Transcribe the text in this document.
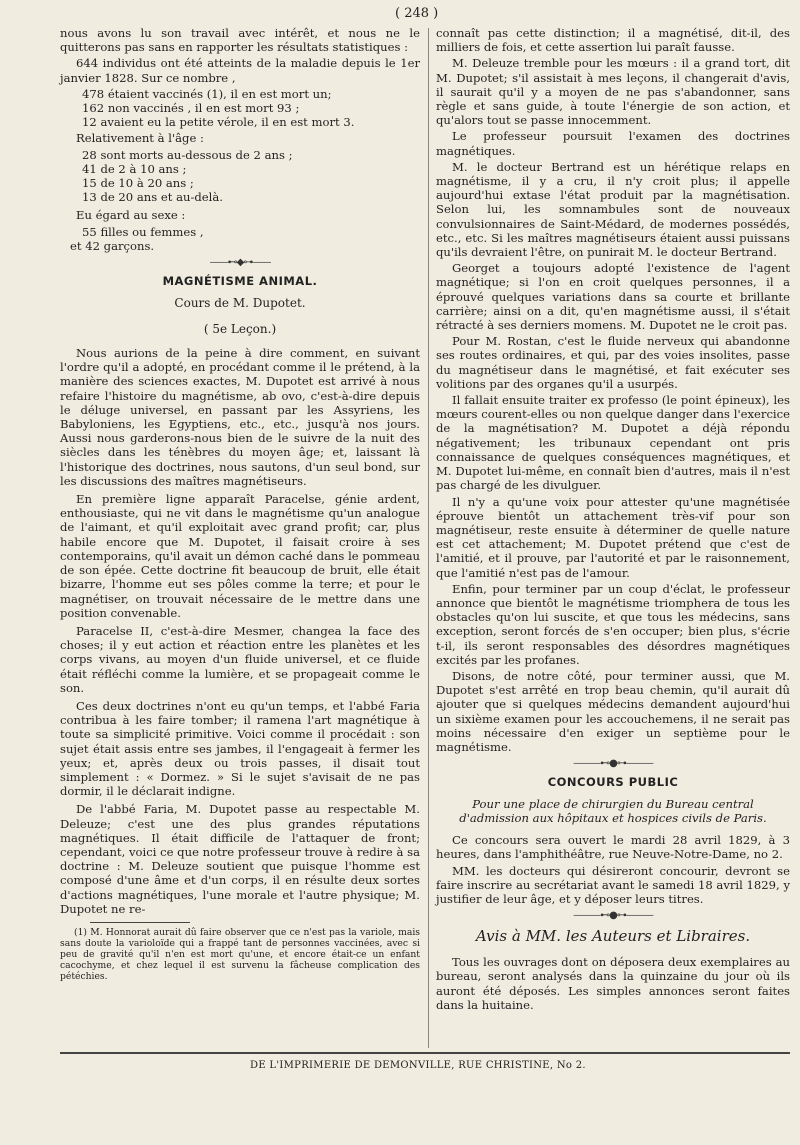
( 248 )

nous avons lu son travail avec intérêt, et nous ne le quitterons pas sans en rapporter les résultats statistiques :

644 individus ont été atteints de la maladie depuis le 1er janvier 1828. Sur ce nombre ,

478 étaient vaccinés (1), il en est mort un;

162 non vaccinés , il en est mort 93 ;

12 avaient eu la petite vérole, il en est mort 3.

Relativement à l'âge :

28 sont morts au-dessous de 2 ans ;

41 de 2 à 10 ans ;

15 de 10 à 20 ans ;

13 de 20 ans et au-delà.

Eu égard au sexe :

55 filles ou femmes ,

et 42 garçons.

——⊷◆⊶——
MAGNÉTISME ANIMAL.
Cours de M. Dupotet.
( 5e Leçon.)

Nous aurions de la peine à dire comment, en suivant l'ordre qu'il a adopté, en procédant comme il le prétend, à la manière des sciences exactes, M. Dupotet est arrivé à nous refaire l'histoire du magnétisme, ab ovo, c'est-à-dire depuis le déluge universel, en passant par les Assyriens, les Babyloniens, les Egyptiens, etc., etc., jusqu'à nos jours. Aussi nous garderons-nous bien de le suivre de la nuit des siècles dans les ténèbres du moyen âge; et, laissant là l'historique des doctrines, nous sautons, d'un seul bond, sur les discussions des maîtres magnétiseurs.

En première ligne apparaît Paracelse, génie ardent, enthousiaste, qui ne vit dans le magnétisme qu'un analogue de l'aimant, et qu'il exploitait avec grand profit; car, plus habile encore que M. Dupotet, il faisait croire à ses contemporains, qu'il avait un démon caché dans le pommeau de son épée. Cette doctrine fit beaucoup de bruit, elle était bizarre, l'homme eut ses pôles comme la terre; et pour le magnétiser, on trouvait nécessaire de le mettre dans une position convenable.

Paracelse II, c'est-à-dire Mesmer, changea la face des choses; il y eut action et réaction entre les planètes et les corps vivans, au moyen d'un fluide universel, et ce fluide était réfléchi comme la lumière, et se propageait comme le son.

Ces deux doctrines n'ont eu qu'un temps, et l'abbé Faria contribua à les faire tomber; il ramena l'art magnétique à toute sa simplicité primitive. Voici comme il procédait : son sujet était assis entre ses jambes, il l'engageait à fermer les yeux; et, après deux ou trois passes, il disait tout simplement : « Dormez. » Si le sujet s'avisait de ne pas dormir, il le déclarait indigne.

De l'abbé Faria, M. Dupotet passe au respectable M. Deleuze; c'est une des plus grandes réputations magnétiques. Il était difficile de l'attaquer de front; cependant, voici ce que notre professeur trouve à redire à sa doctrine : M. Deleuze soutient que puisque l'homme est composé d'une âme et d'un corps, il en résulte deux sortes d'actions magnétiques, l'une morale et l'autre physique; M. Dupotet ne re-

(1) M. Honnorat aurait dû faire observer que ce n'est pas la variole, mais sans doute la varioloïde qui a frappé tant de personnes vaccinées, avec si peu de gravité qu'il n'en est mort qu'une, et encore était-ce un enfant cacochyme, et chez lequel il est survenu la fâcheuse complication des pétéchies.

connaît pas cette distinction; il a magnétisé, dit-il, des milliers de fois, et cette assertion lui paraît fausse.

M. Deleuze tremble pour les mœurs : il a grand tort, dit M. Dupotet; s'il assistait à mes leçons, il changerait d'avis, il saurait qu'il y a moyen de ne pas s'abandonner, sans règle et sans guide, à toute l'énergie de son action, et qu'alors tout se passe innocemment.

Le professeur poursuit l'examen des doctrines magnétiques.

M. le docteur Bertrand est un hérétique relaps en magnétisme, il y a cru, il n'y croit plus; il appelle aujourd'hui extase l'état produit par la magnétisation. Selon lui, les somnambules sont de nouveaux convulsionnaires de Saint-Médard, de modernes possédés, etc., etc. Si les maîtres magnétiseurs étaient aussi puissans qu'ils devraient l'être, on punirait M. le docteur Bertrand.

Georget a toujours adopté l'existence de l'agent magnétique; si l'on en croit quelques personnes, il a éprouvé quelques variations dans sa courte et brillante carrière; ainsi on a dit, qu'en magnétisme aussi, il s'était rétracté à ses derniers momens. M. Dupotet ne le croit pas.

Pour M. Rostan, c'est le fluide nerveux qui abandonne ses routes ordinaires, et qui, par des voies insolites, passe du magnétiseur dans le magnétisé, et fait exécuter ses volitions par des organes qu'il a usurpés.

Il fallait ensuite traiter ex professo (le point épineux), les mœurs courent-elles ou non quelque danger dans l'exercice de la magnétisation? M. Dupotet a déjà répondu négativement; les tribunaux cependant ont pris connaissance de quelques conséquences magnétiques, et M. Dupotet lui-même, en connaît bien d'autres, mais il n'est pas chargé de les divulguer.

Il n'y a qu'une voix pour attester qu'une magnétisée éprouve bientôt un attachement très-vif pour son magnétiseur, reste ensuite à déterminer de quelle nature est cet attachement; M. Dupotet prétend que c'est de l'amitié, et il prouve, par l'autorité et par le raisonnement, que l'amitié n'est pas de l'amour.

Enfin, pour terminer par un coup d'éclat, le professeur annonce que bientôt le magnétisme triomphera de tous les obstacles qu'on lui suscite, et que tous les médecins, sans exception, seront forcés de s'en occuper; bien plus, s'écrie t-il, ils seront responsables des désordres magnétiques excités par les profanes.

Disons, de notre côté, pour terminer aussi, que M. Dupotet s'est arrêté en trop beau chemin, qu'il aurait dû ajouter que si quelques médecins demandent aujourd'hui un sixième examen pour les accouchemens, il ne serait pas moins nécessaire d'en exiger un septième pour le magnétisme.

———⊷●⊶———
CONCOURS PUBLIC
Pour une place de chirurgien du Bureau central d'admission aux hôpitaux et hospices civils de Paris.

Ce concours sera ouvert le mardi 28 avril 1829, à 3 heures, dans l'amphithéâtre, rue Neuve-Notre-Dame, no 2.

MM. les docteurs qui désireront concourir, devront se faire inscrire au secrétariat avant le samedi 18 avril 1829, y justifier de leur âge, et y déposer leurs titres.

———⊷●⊶———
Avis à MM. les Auteurs et Libraires.

Tous les ouvrages dont on déposera deux exemplaires au bureau, seront analysés dans la quinzaine du jour où ils auront été déposés. Les simples annonces seront faites dans la huitaine.

DE L'IMPRIMERIE DE DEMONVILLE, RUE CHRISTINE, No 2.
